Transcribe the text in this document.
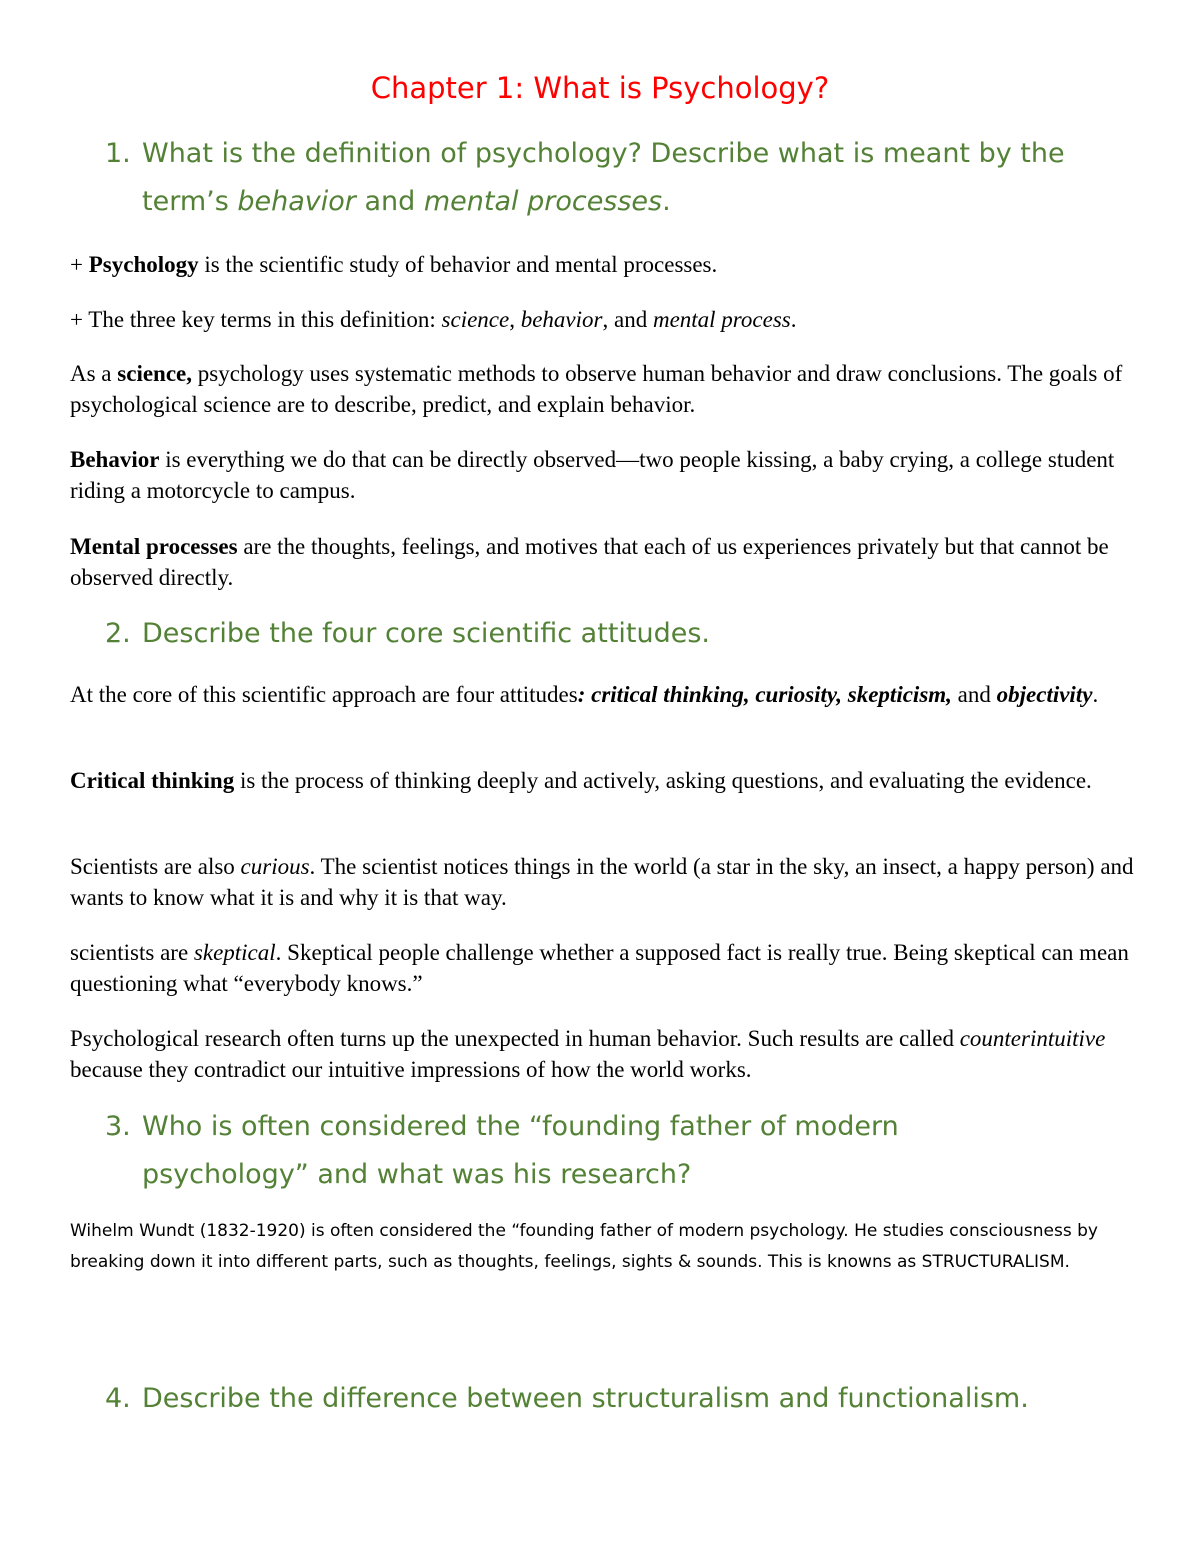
Chapter 1: What is Psychology?
1. What is the definition of psychology? Describe what is meant by the
term’s behavior and mental processes.

+ Psychology is the scientific study of behavior and mental processes.

+ The three key terms in this definition: science, behavior, and mental process.

As a science, psychology uses systematic methods to observe human behavior and draw conclusions. The goals of psychological science are to describe, predict, and explain behavior.

Behavior is everything we do that can be directly observed—two people kissing, a baby crying, a college student riding a motorcycle to campus.

Mental processes are the thoughts, feelings, and motives that each of us experiences privately but that cannot be observed directly.

2. Describe the four core scientific attitudes.

At the core of this scientific approach are four attitudes: critical thinking, curiosity, skepticism, and objectivity.

Critical thinking is the process of thinking deeply and actively, asking questions, and evaluating the evidence.

Scientists are also curious. The scientist notices things in the world (a star in the sky, an insect, a happy person) and wants to know what it is and why it is that way.

scientists are skeptical. Skeptical people challenge whether a supposed fact is really true. Being skeptical can mean questioning what “everybody knows.”

Psychological research often turns up the unexpected in human behavior. Such results are called counterintuitive because they contradict our intuitive impressions of how the world works.

3. Who is often considered the “founding father of modern
psychology” and what was his research?

Wihelm Wundt (1832-1920) is often considered the “founding father of modern psychology. He studies consciousness by breaking down it into different parts, such as thoughts, feelings, sights & sounds. This is knowns as STRUCTURALISM.

4. Describe the difference between structuralism and functionalism.
